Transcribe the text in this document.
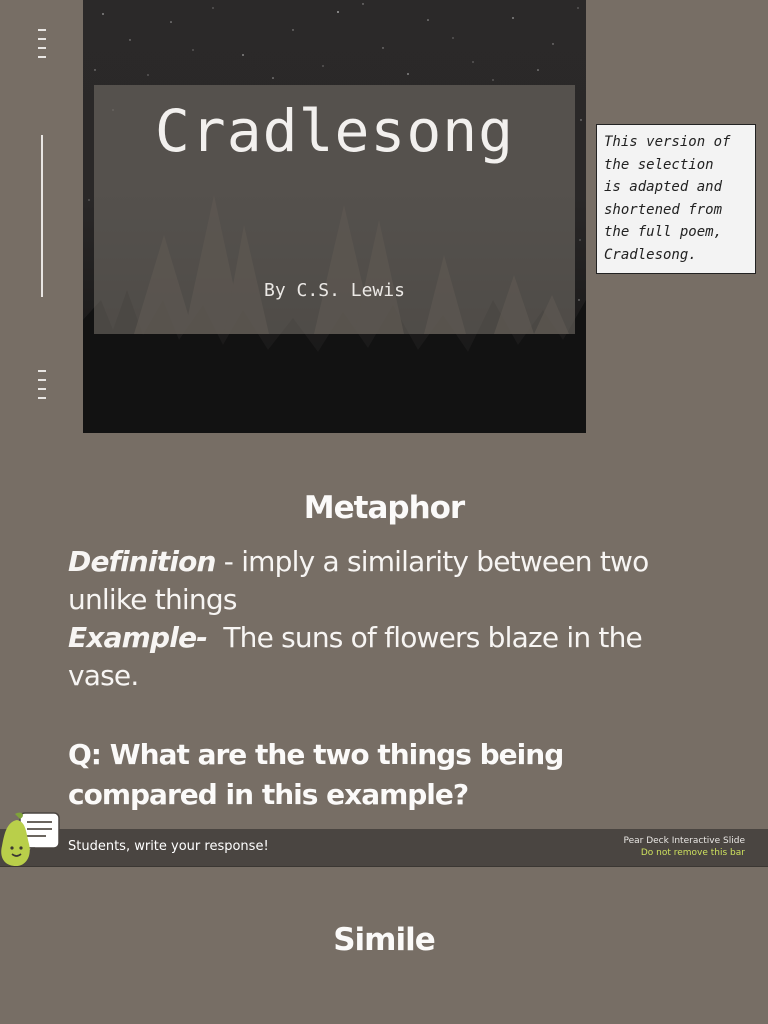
Cradlesong
By C.S. Lewis
This version of
the selection
is adapted and
shortened from
the full poem,
Cradlesong.
Metaphor
Definition - imply a similarity between two unlike things
Example-  The suns of flowers blaze in the vase.
Q: What are the two things being compared in this example?
Students, write your response!	Pear Deck Interactive Slide
Do not remove this bar
Simile
